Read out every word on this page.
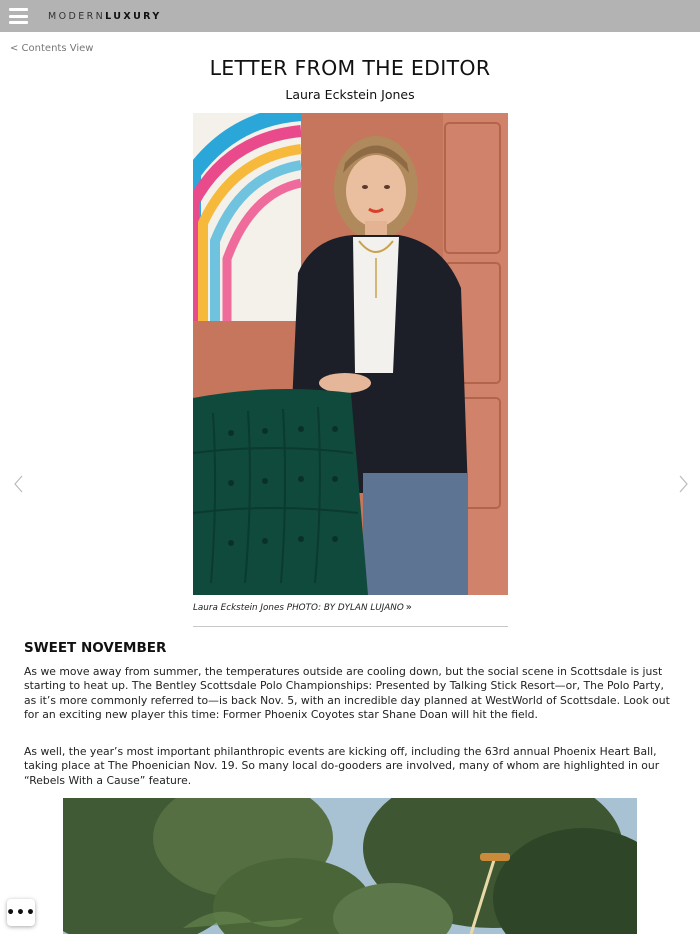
MODERNLUXURY
< Contents View
LETTER FROM THE EDITOR
Laura Eckstein Jones
Laura Eckstein Jones PHOTO: BY DYLAN LUJANO »
SWEET NOVEMBER

As we move away from summer, the temperatures outside are cooling down, but the social scene in Scottsdale is just starting to heat up. The Bentley Scottsdale Polo Championships: Presented by Talking Stick Resort—or, The Polo Party, as it’s more commonly referred to—is back Nov. 5, with an incredible day planned at WestWorld of Scottsdale. Look out for an exciting new player this time: Former Phoenix Coyotes star Shane Doan will hit the field.

As well, the year’s most important philanthropic events are kicking off, including the 63rd annual Phoenix Heart Ball, taking place at The Phoenician Nov. 19. So many local do-gooders are involved, many of whom are highlighted in our “Rebels With a Cause” feature.

•••
